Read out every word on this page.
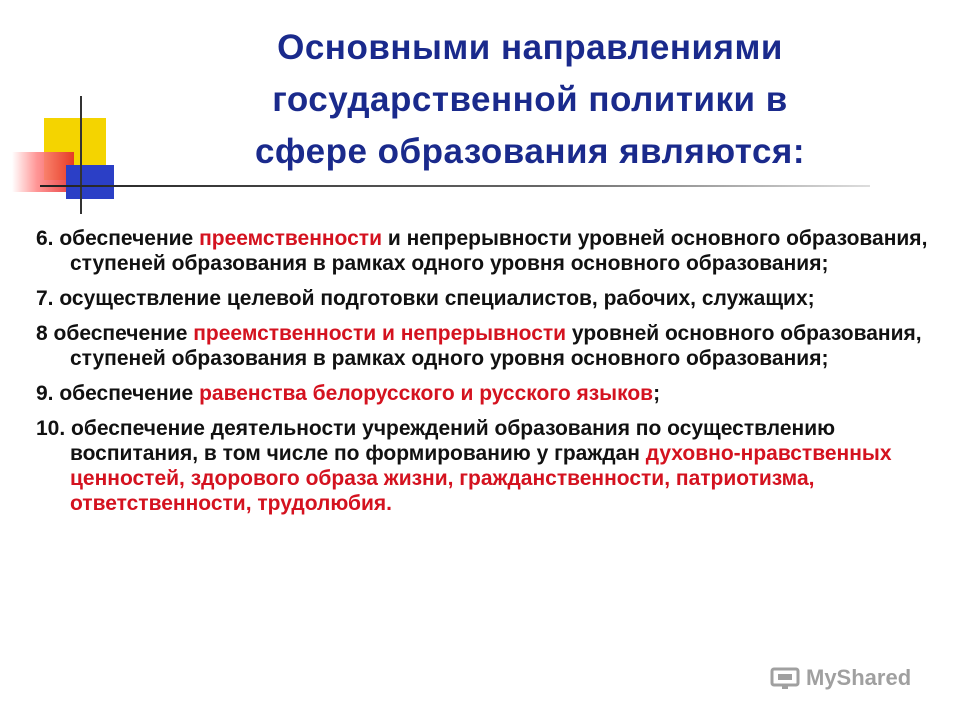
Основными направлениями
государственной политики в
сфере образования являются:
6. обеспечение преемственности и непрерывности уровней основного образования, ступеней образования в рамках одного уровня основного образования;
7. осуществление целевой подготовки специалистов, рабочих, служащих;
8 обеспечение преемственности и непрерывности уровней основного образования, ступеней образования в рамках одного уровня основного образования;
9. обеспечение равенства белорусского и русского языков;
10. обеспечение деятельности учреждений образования по осуществлению воспитания, в том числе по формированию у граждан духовно-нравственных ценностей, здорового образа жизни, гражданственности, патриотизма, ответственности, трудолюбия.
MyShared
